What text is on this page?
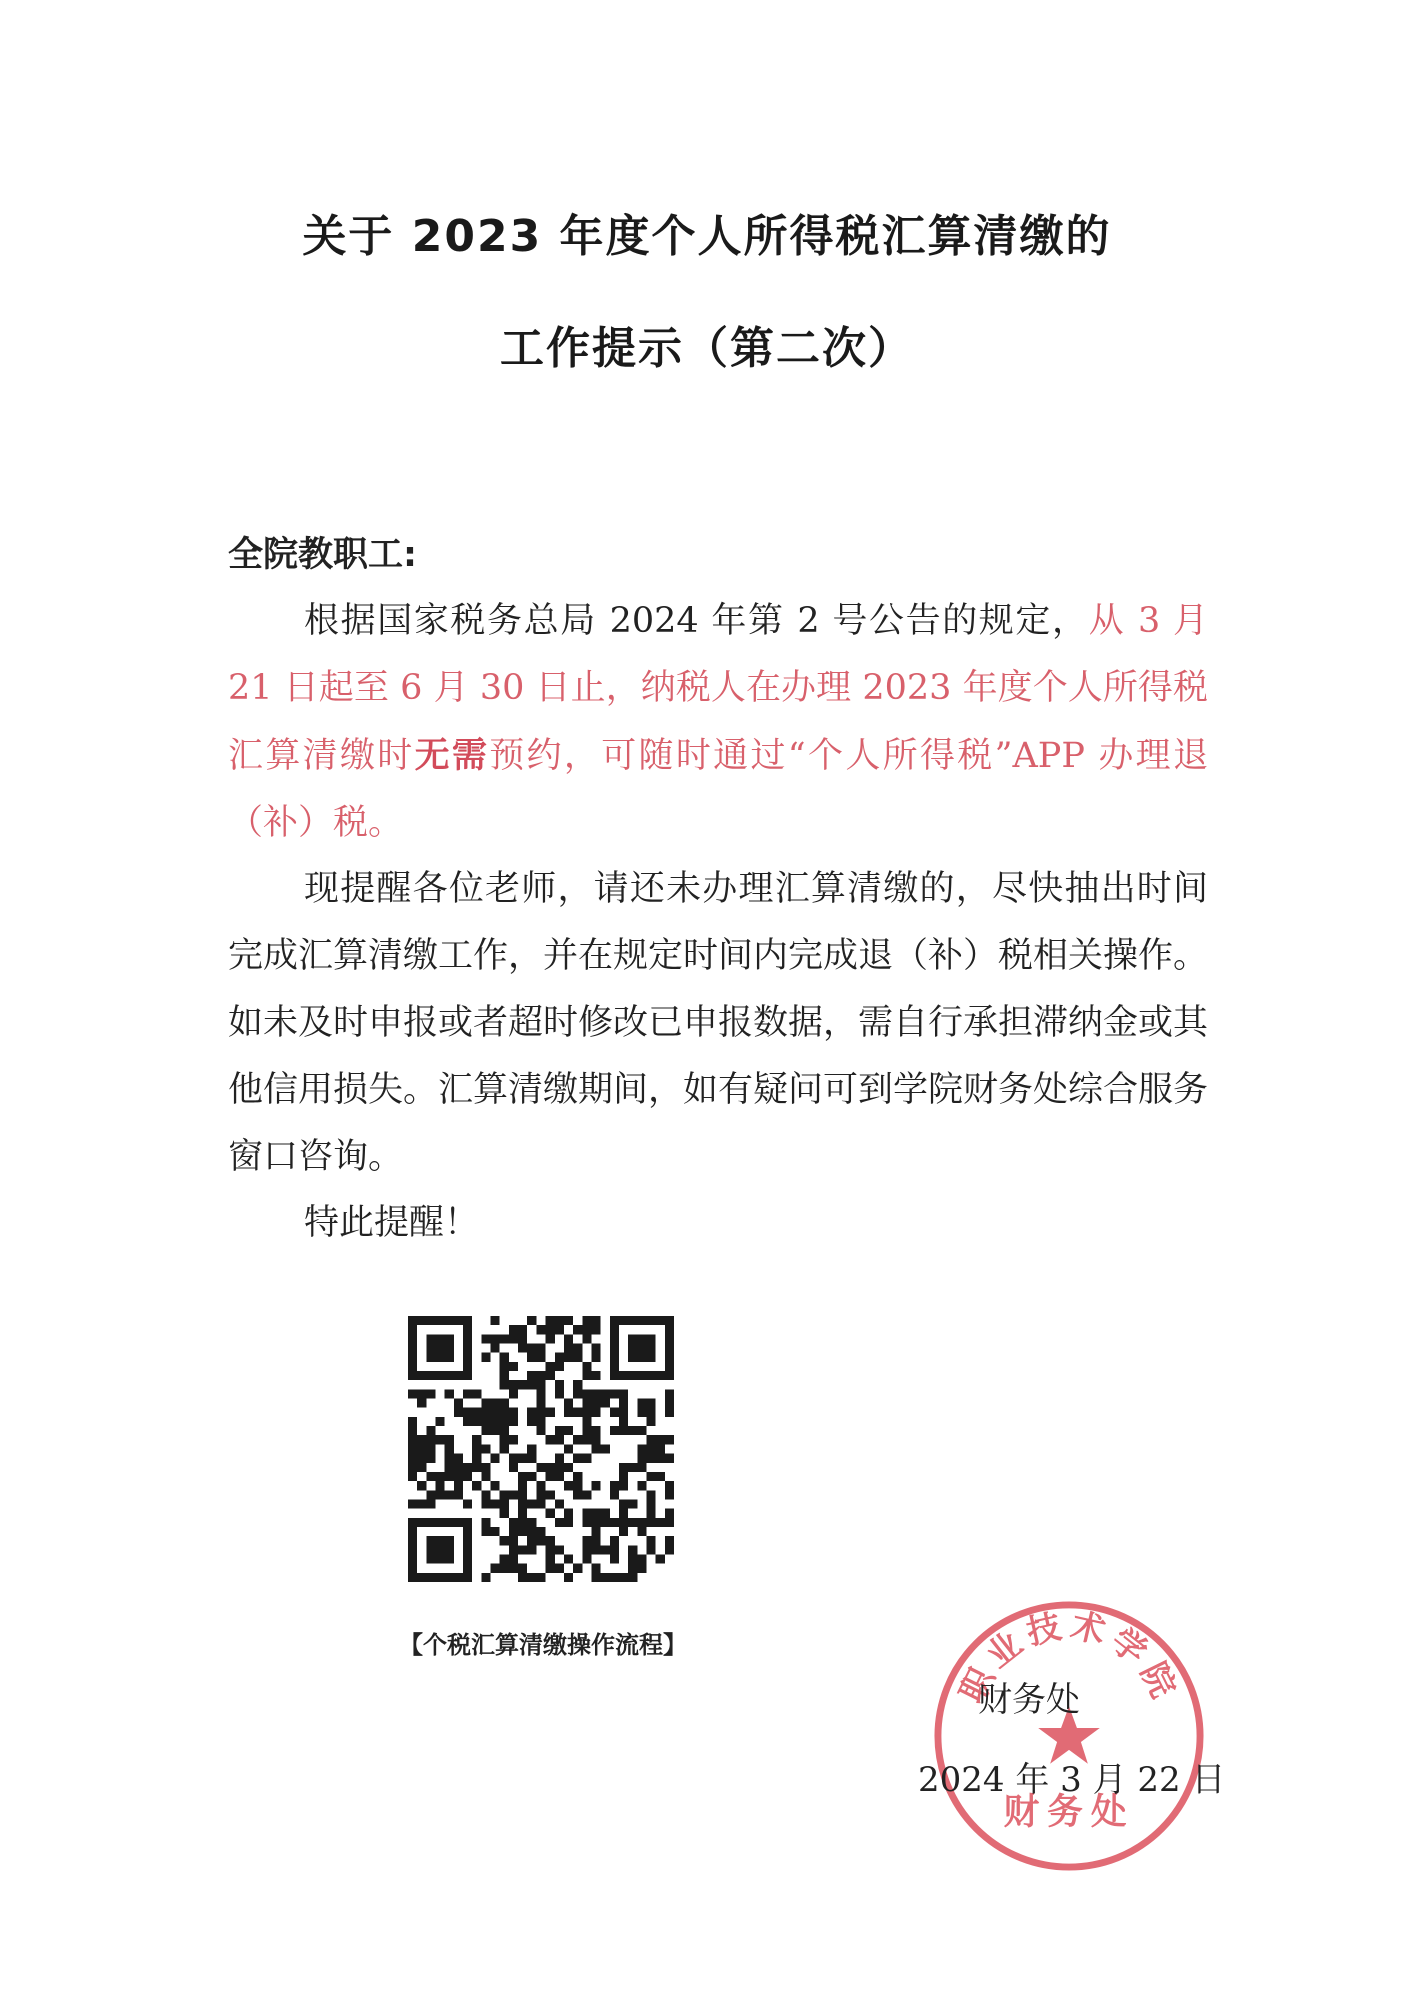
关于 2023 年度个人所得税汇算清缴的
工作提示（第二次）

全院教职工:

根据国家税务总局 2024 年第 2 号公告的规定，从 3 月 21 日起至 6 月 30 日止，纳税人在办理 2023 年度个人所得税汇算清缴时无需预约，可随时通过“个人所得税”APP 办理退（补）税。

现提醒各位老师，请还未办理汇算清缴的，尽快抽出时间完成汇算清缴工作，并在规定时间内完成退（补）税相关操作。如未及时申报或者超时修改已申报数据，需自行承担滞纳金或其他信用损失。汇算清缴期间，如有疑问可到学院财务处综合服务窗口咨询。

特此提醒！

【个税汇算清缴操作流程】

职业技术学院
财务处

财务处

2024 年 3 月 22 日
